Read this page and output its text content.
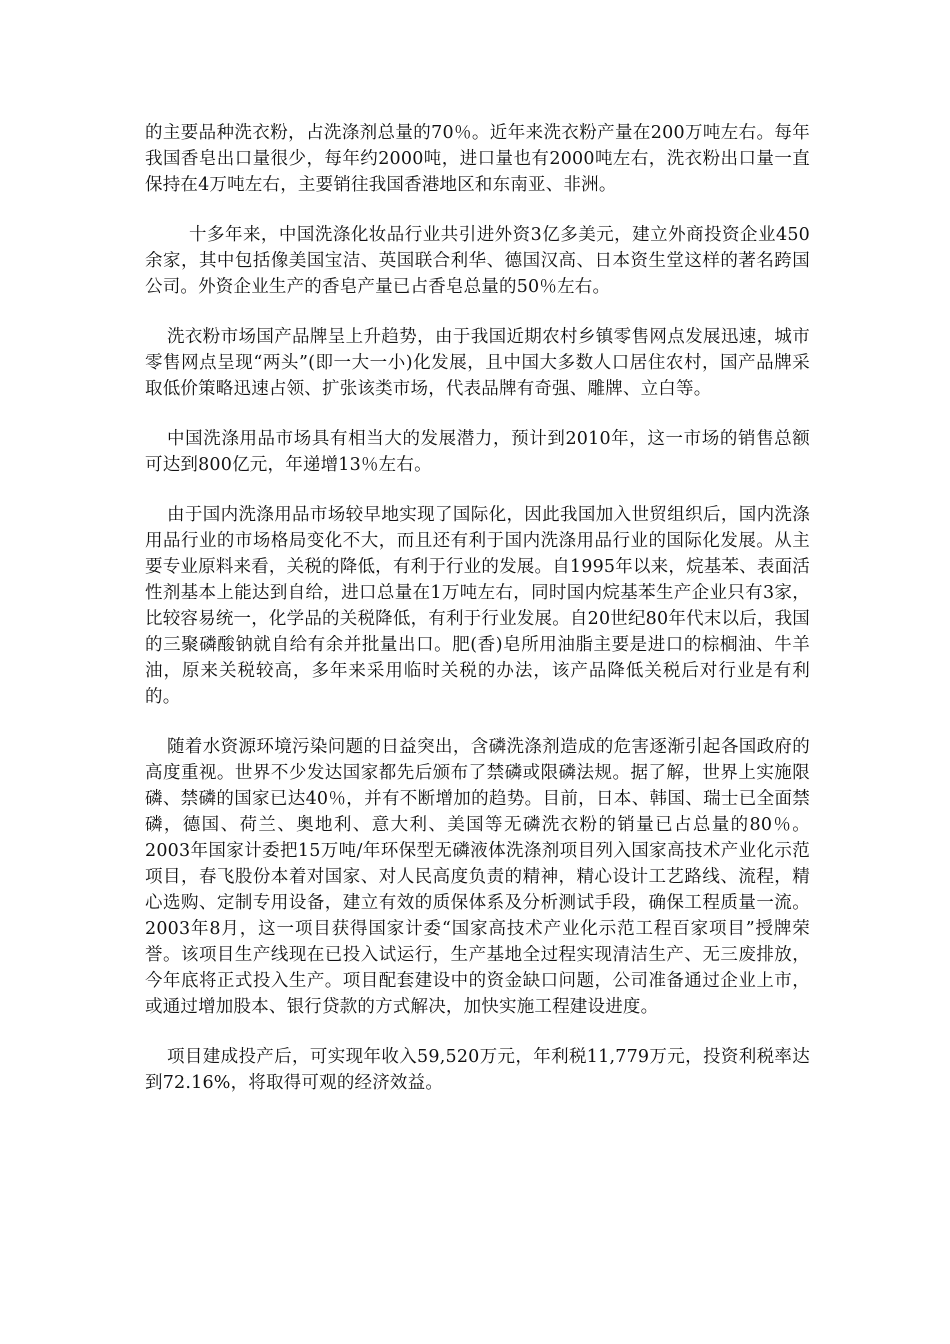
的主要品种洗衣粉，占洗涤剂总量的70％。近年来洗衣粉产量在200万吨左右。每年我国香皂出口量很少，每年约2000吨，进口量也有2000吨左右，洗衣粉出口量一直保持在4万吨左右，主要销往我国香港地区和东南亚、非洲。

十多年来，中国洗涤化妆品行业共引进外资3亿多美元，建立外商投资企业450余家，其中包括像美国宝洁、英国联合利华、德国汉高、日本资生堂这样的著名跨国公司。外资企业生产的香皂产量已占香皂总量的50％左右。

洗衣粉市场国产品牌呈上升趋势，由于我国近期农村乡镇零售网点发展迅速，城市零售网点呈现“两头”(即一大一小)化发展，且中国大多数人口居住农村，国产品牌采取低价策略迅速占领、扩张该类市场，代表品牌有奇强、雕牌、立白等。

中国洗涤用品市场具有相当大的发展潜力，预计到2010年，这一市场的销售总额可达到800亿元，年递增13％左右。

由于国内洗涤用品市场较早地实现了国际化，因此我国加入世贸组织后，国内洗涤用品行业的市场格局变化不大，而且还有利于国内洗涤用品行业的国际化发展。从主要专业原料来看，关税的降低，有利于行业的发展。自1995年以来，烷基苯、表面活性剂基本上能达到自给，进口总量在1万吨左右，同时国内烷基苯生产企业只有3家，比较容易统一，化学品的关税降低，有利于行业发展。自20世纪80年代末以后，我国的三聚磷酸钠就自给有余并批量出口。肥(香)皂所用油脂主要是进口的棕榈油、牛羊油，原来关税较高，多年来采用临时关税的办法，该产品降低关税后对行业是有利的。

随着水资源环境污染问题的日益突出，含磷洗涤剂造成的危害逐渐引起各国政府的高度重视。世界不少发达国家都先后颁布了禁磷或限磷法规。据了解，世界上实施限磷、禁磷的国家已达40％，并有不断增加的趋势。目前，日本、韩国、瑞士已全面禁磷，德国、荷兰、奥地利、意大利、美国等无磷洗衣粉的销量已占总量的80％。2003年国家计委把15万吨/年环保型无磷液体洗涤剂项目列入国家高技术产业化示范项目，春飞股份本着对国家、对人民高度负责的精神，精心设计工艺路线、流程，精心选购、定制专用设备，建立有效的质保体系及分析测试手段，确保工程质量一流。2003年8月，这一项目获得国家计委“国家高技术产业化示范工程百家项目”授牌荣誉。该项目生产线现在已投入试运行，生产基地全过程实现清洁生产、无三废排放，今年底将正式投入生产。项目配套建设中的资金缺口问题，公司准备通过企业上市，或通过增加股本、银行贷款的方式解决，加快实施工程建设进度。

项目建成投产后，可实现年收入59,520万元，年利税11,779万元，投资利税率达到72.16%，将取得可观的经济效益。
